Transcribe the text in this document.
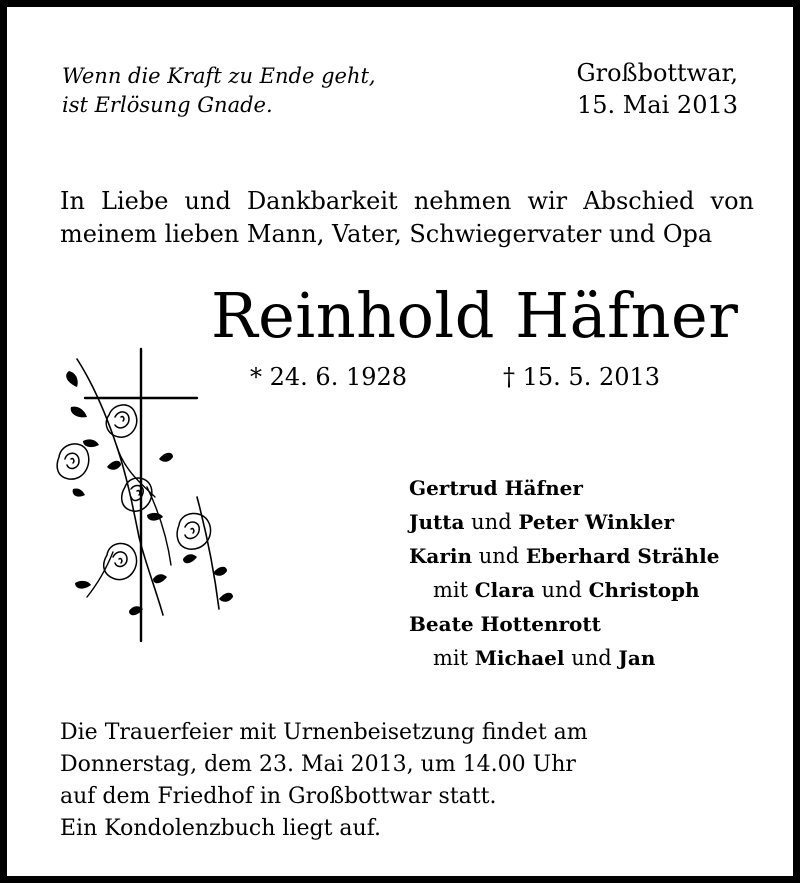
Wenn die Kraft zu Ende geht,
ist Erlösung Gnade.
Großbottwar,
15. Mai 2013
In Liebe und Dankbarkeit nehmen wir Abschied von
meinem lieben Mann, Vater, Schwiegervater und Opa
Reinhold Häfner
* 24. 6. 1928	† 15. 5. 2013
Gertrud Häfner
Jutta und Peter Winkler
Karin und Eberhard Strähle
mit Clara und Christoph
Beate Hottenrott
mit Michael und Jan
Die Trauerfeier mit Urnenbeisetzung findet am
Donnerstag, dem 23. Mai 2013, um 14.00 Uhr
auf dem Friedhof in Großbottwar statt.
Ein Kondolenzbuch liegt auf.
